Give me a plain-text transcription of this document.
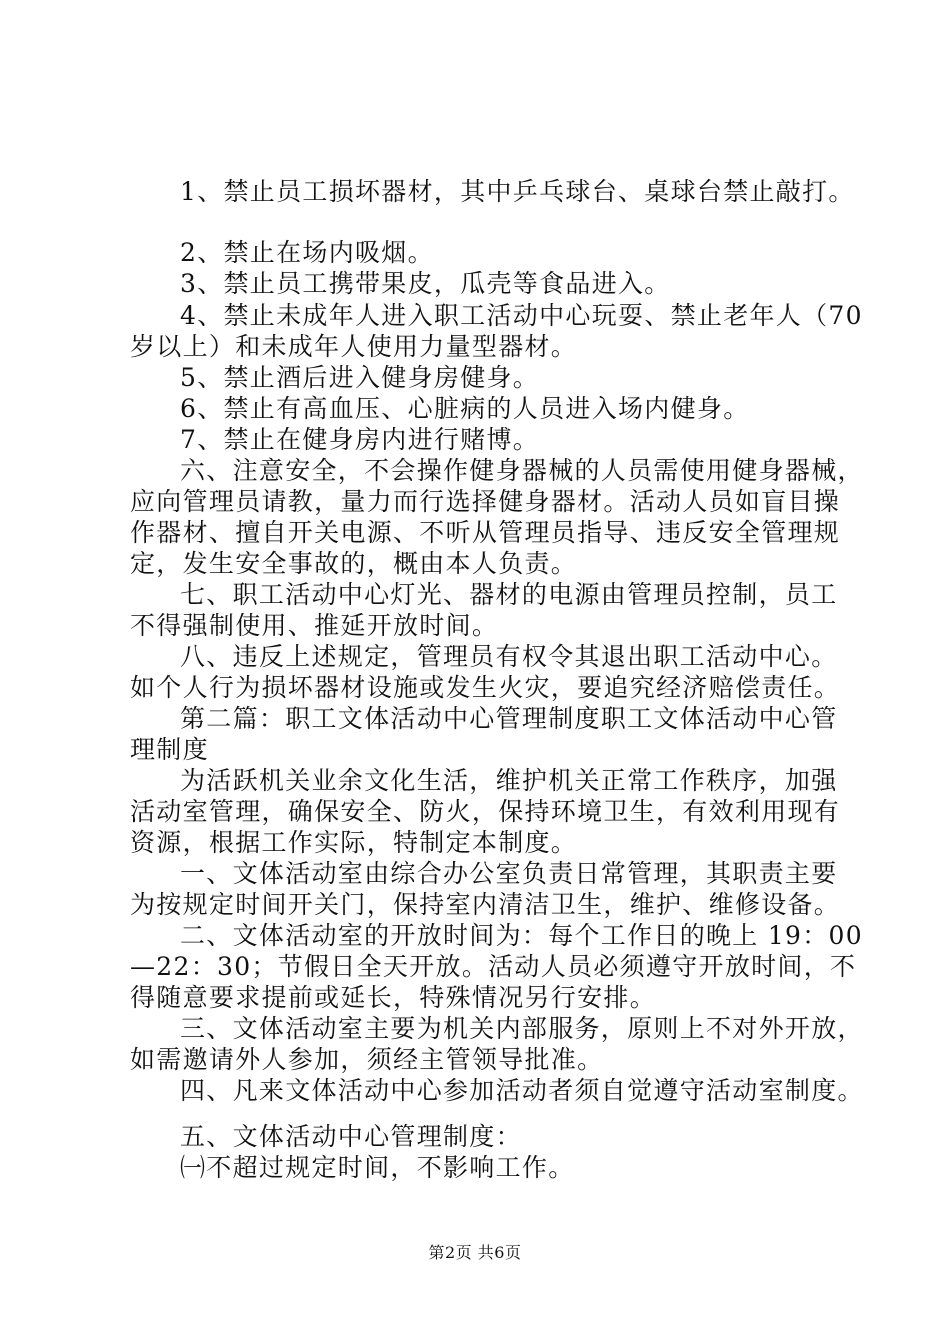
1、禁止员工损坏器材，其中乒乓球台、桌球台禁止敲打。
2、禁止在场内吸烟。
3、禁止员工携带果皮，瓜壳等食品进入。
4、禁止未成年人进入职工活动中心玩耍、禁止老年人（70
岁以上）和未成年人使用力量型器材。
5、禁止酒后进入健身房健身。
6、禁止有高血压、心脏病的人员进入场内健身。
7、禁止在健身房内进行赌博。
六、注意安全，不会操作健身器械的人员需使用健身器械，
应向管理员请教，量力而行选择健身器材。活动人员如盲目操
作器材、擅自开关电源、不听从管理员指导、违反安全管理规
定，发生安全事故的，概由本人负责。
七、职工活动中心灯光、器材的电源由管理员控制，员工
不得强制使用、推延开放时间。
八、违反上述规定，管理员有权令其退出职工活动中心。
如个人行为损坏器材设施或发生火灾，要追究经济赔偿责任。
第二篇：职工文体活动中心管理制度职工文体活动中心管
理制度
为活跃机关业余文化生活，维护机关正常工作秩序，加强
活动室管理，确保安全、防火，保持环境卫生，有效利用现有
资源，根据工作实际，特制定本制度。
一、文体活动室由综合办公室负责日常管理，其职责主要
为按规定时间开关门，保持室内清洁卫生，维护、维修设备。
二、文体活动室的开放时间为：每个工作日的晚上 19：00
—22：30；节假日全天开放。活动人员必须遵守开放时间，不
得随意要求提前或延长，特殊情况另行安排。
三、文体活动室主要为机关内部服务，原则上不对外开放，
如需邀请外人参加，须经主管领导批准。
四、凡来文体活动中心参加活动者须自觉遵守活动室制度。
五、文体活动中心管理制度：
㈠不超过规定时间，不影响工作。
第2页 共6页
